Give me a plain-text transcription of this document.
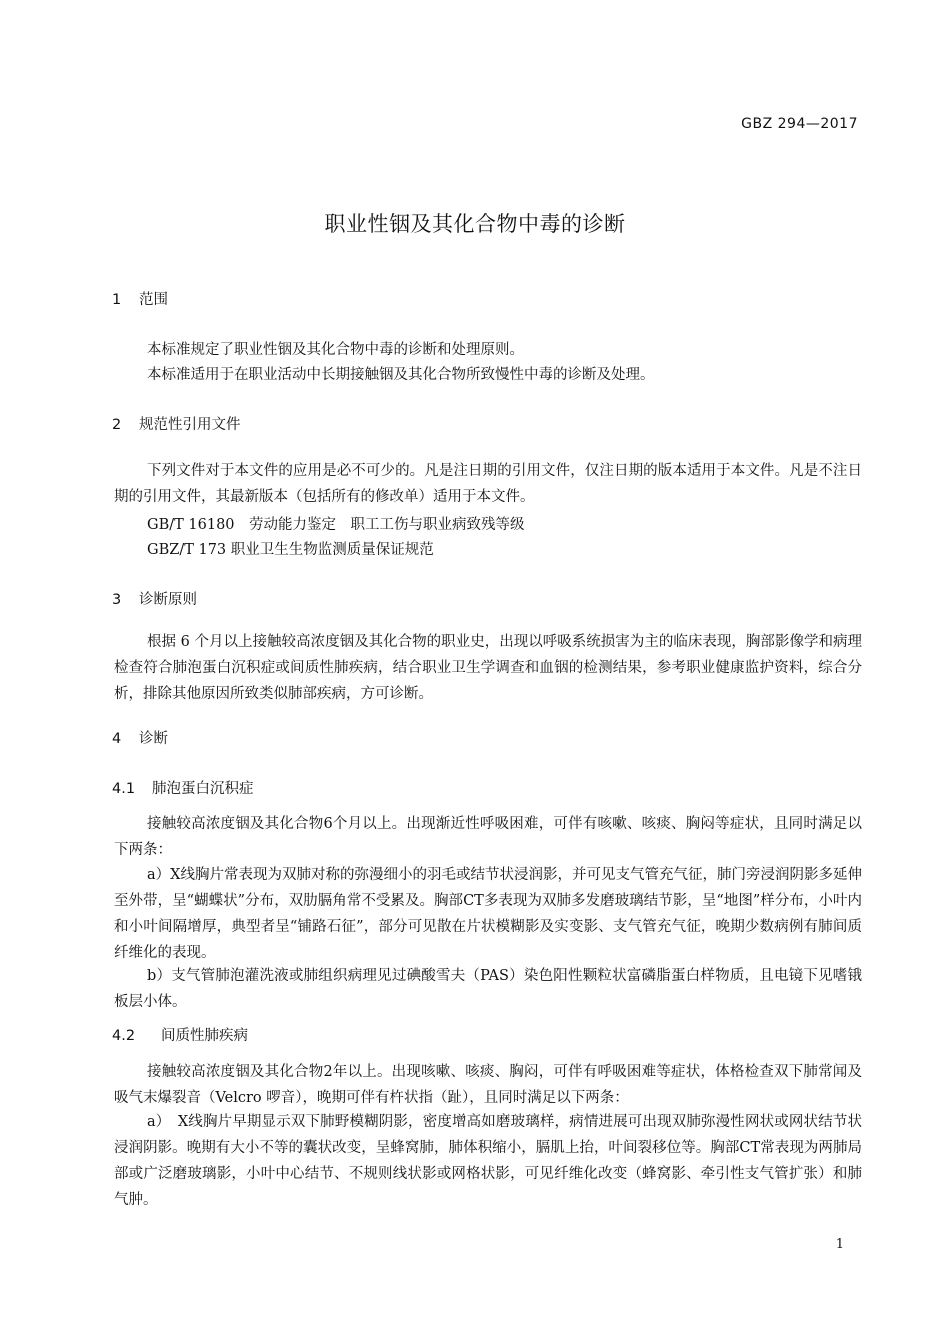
GBZ 294—2017
职业性铟及其化合物中毒的诊断
1 范围
本标准规定了职业性铟及其化合物中毒的诊断和处理原则。
本标准适用于在职业活动中长期接触铟及其化合物所致慢性中毒的诊断及处理。
2 规范性引用文件
下列文件对于本文件的应用是必不可少的。凡是注日期的引用文件，仅注日期的版本适用于本文件。凡是不注日期的引用文件，其最新版本（包括所有的修改单）适用于本文件。
GB/T 16180　劳动能力鉴定　职工工伤与职业病致残等级
GBZ/T 173 职业卫生生物监测质量保证规范
3 诊断原则
根据 6 个月以上接触较高浓度铟及其化合物的职业史，出现以呼吸系统损害为主的临床表现，胸部影像学和病理检查符合肺泡蛋白沉积症或间质性肺疾病，结合职业卫生学调查和血铟的检测结果，参考职业健康监护资料，综合分析，排除其他原因所致类似肺部疾病，方可诊断。
4 诊断
4.1 肺泡蛋白沉积症
接触较高浓度铟及其化合物6个月以上。出现渐近性呼吸困难，可伴有咳嗽、咳痰、胸闷等症状，且同时满足以下两条：
a）X线胸片常表现为双肺对称的弥漫细小的羽毛或结节状浸润影，并可见支气管充气征，肺门旁浸润阴影多延伸至外带，呈“蝴蝶状”分布，双肋膈角常不受累及。胸部CT多表现为双肺多发磨玻璃结节影，呈“地图”样分布，小叶内和小叶间隔增厚，典型者呈“铺路石征”，部分可见散在片状模糊影及实变影、支气管充气征，晚期少数病例有肺间质纤维化的表现。
b）支气管肺泡灌洗液或肺组织病理见过碘酸雪夫（PAS）染色阳性颗粒状富磷脂蛋白样物质，且电镜下见嗜锇板层小体。
4.2 间质性肺疾病
接触较高浓度铟及其化合物2年以上。出现咳嗽、咳痰、胸闷，可伴有呼吸困难等症状，体格检查双下肺常闻及吸气末爆裂音（Velcro 啰音），晚期可伴有杵状指（趾），且同时满足以下两条：
a）　X线胸片早期显示双下肺野模糊阴影，密度增高如磨玻璃样，病情进展可出现双肺弥漫性网状或网状结节状浸润阴影。晚期有大小不等的囊状改变，呈蜂窝肺，肺体积缩小，膈肌上抬，叶间裂移位等。胸部CT常表现为两肺局部或广泛磨玻璃影，小叶中心结节、不规则线状影或网格状影，可见纤维化改变（蜂窝影、牵引性支气管扩张）和肺气肿。
1
